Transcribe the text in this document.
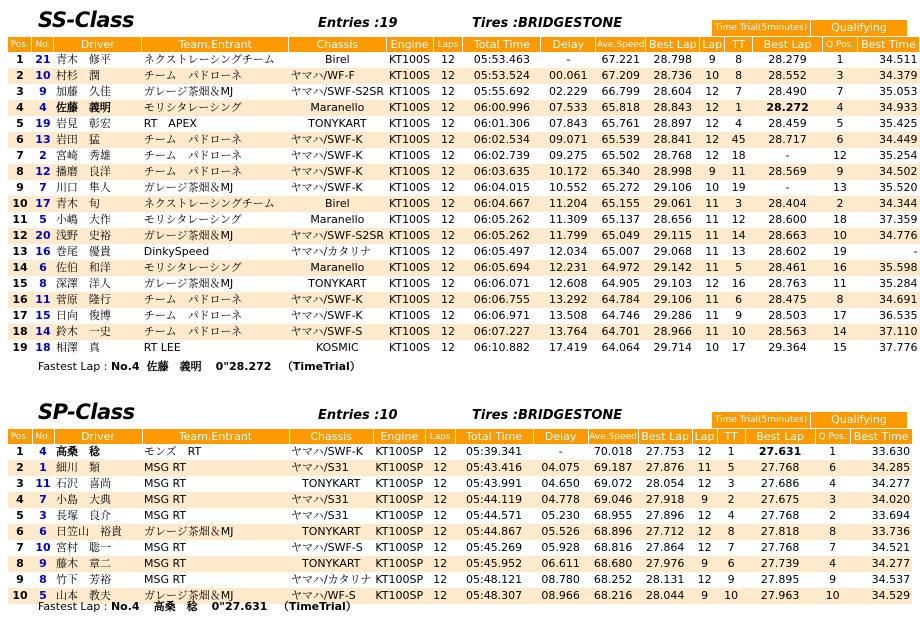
SS-Class	Entries :19	Tires :BRIDGESTONE	Time Trial(5minutes)	Qualifying
Pos.	No.	Driver	Team,Entrant	Chassis	Engine	Laps	Total Time	Delay	Ave.Speed	Best Lap	Lap	TT	Best Lap	Q.Pos.	Best Time
1	21	青木　修平	ネクストレーシングチーム	Birel	KT100S	12	05:53.463	-	67.221	28.798	9	8	28.279	1	34.511
2	10	村杉　潤	チーム　パドローネ	ヤマハ/WF-F	KT100S	12	05:53.524	00.061	67.209	28.736	10	8	28.552	3	34.379
3	9	加藤　久佳	ガレージ茶畑＆MJ	ヤマハ/SWF-S2SR	KT100S	12	05:55.692	02.229	66.799	28.604	12	7	28.490	7	35.053
4	4	佐藤　義明	モリシタレーシング	Maranello	KT100S	12	06:00.996	07.533	65.818	28.843	12	1	28.272	4	34.933
5	19	岩見　彰宏	RT　APEX	TONYKART	KT100S	12	06:01.306	07.843	65.761	28.897	12	4	28.459	5	35.425
6	13	岩田　猛	チーム　パドローネ	ヤマハ/SWF-K	KT100S	12	06:02.534	09.071	65.539	28.841	12	45	28.717	6	34.449
7	2	宮崎　秀雄	チーム　パドローネ	ヤマハ/SWF-K	KT100S	12	06:02.739	09.275	65.502	28.768	12	18	-	12	35.254
8	12	播磨　良洋	チーム　パドローネ	ヤマハ/SWF-K	KT100S	12	06:03.635	10.172	65.340	28.998	9	11	28.569	9	34.502
9	7	川口　隼人	ガレージ茶畑＆MJ	ヤマハ/SWF-K	KT100S	12	06:04.015	10.552	65.272	29.106	10	19	-	13	35.520
10	17	青木　旬	ネクストレーシングチーム	Birel	KT100S	12	06:04.667	11.204	65.155	29.061	11	3	28.404	2	34.344
11	5	小嶋　大作	モリシタレーシング	Maranello	KT100S	12	06:05.262	11.309	65.137	28.656	11	12	28.600	18	37.359
12	20	浅野　史裕	ガレージ茶畑＆MJ	ヤマハ/SWF-S2SR	KT100S	12	06:05.262	11.799	65.049	29.115	11	14	28.663	10	34.776
13	16	巻尾　優貴	DinkySpeed	ヤマハ/カタリナ	KT100S	12	06:05.497	12.034	65.007	29.068	11	13	28.602	19	-
14	6	佐伯　和洋	モリシタレーシング	Maranello	KT100S	12	06:05.694	12.231	64.972	29.142	11	5	28.461	16	35.598
15	8	深澤　洋人	ガレージ茶畑＆MJ	TONYKART	KT100S	12	06:06.071	12.608	64.905	29.103	12	16	28.763	11	35.284
16	11	菅原　隆行	チーム　パドローネ	ヤマハ/SWF-K	KT100S	12	06:06.755	13.292	64.784	29.106	11	6	28.475	8	34.691
17	15	日向　俊博	チーム　パドローネ	ヤマハ/SWF-K	KT100S	12	06:06.971	13.508	64.746	29.286	11	9	28.503	17	36.535
18	14	鈴木　一史	チーム　パドローネ	ヤマハ/SWF-S	KT100S	12	06:07.227	13.764	64.701	28.966	11	10	28.563	14	37.110
19	18	相澤　真	RT LEE	KOSMIC	KT100S	12	06:10.882	17.419	64.064	29.714	10	17	29.364	15	37.776
Fastest Lap : No.4 佐藤　義明 0"28.272 （TimeTrial）
SP-Class	Entries :10	Tires :BRIDGESTONE	Time Trial(5minutes)	Qualifying
Pos.	No.	Driver	Team,Entrant	Chassis	Engine	Laps	Total Time	Delay	Ave.Speed	Best Lap	Lap	TT	Best Lap	Q.Pos.	Best Time
1	4	高桑　稔	モンズ　RT	ヤマハ/SWF-K	KT100SP	12	05:39.341	-	70.018	27.753	12	1	27.631	1	33.630
2	1	細川　類	MSG RT	ヤマハ/S31	KT100SP	12	05:43.416	04.075	69.187	27.876	11	5	27.768	6	34.285
3	11	石沢　喜尚	MSG RT	TONYKART	KT100SP	12	05:43.991	04.650	69.072	28.054	12	3	27.686	4	34.277
4	7	小島　大典	MSG RT	ヤマハ/S31	KT100SP	12	05:44.119	04.778	69.046	27.918	9	2	27.675	3	34.020
5	3	長塚　良介	MSG RT	ヤマハ/S31	KT100SP	12	05:44.571	05.230	68.955	27.896	12	4	27.768	2	33.694
6	6	日笠山　裕貴	ガレージ茶畑＆MJ	TONYKART	KT100SP	12	05:44.867	05.526	68.896	27.712	12	8	27.818	8	33.736
7	10	宮村　聡一	MSG RT	ヤマハ/SWF-S	KT100SP	12	05:45.269	05.928	68.816	27.864	12	7	27.768	7	34.521
8	9	藤木　章二	MSG RT	TONYKART	KT100SP	12	05:45.952	06.611	68.680	27.976	9	6	27.739	4	34.277
9	8	竹下　芳裕	MSG RT	ヤマハ/カタリナ	KT100SP	12	05:48.121	08.780	68.252	28.131	12	9	27.895	9	34.537
10	5	山本　教夫	ガレージ茶畑＆MJ	ヤマハ/WF-S	KT100SP	12	05:48.307	08.966	68.216	28.044	9	10	27.963	10	34.529
Fastest Lap : No.4 高桑　稔 0"27.631 （TimeTrial）
